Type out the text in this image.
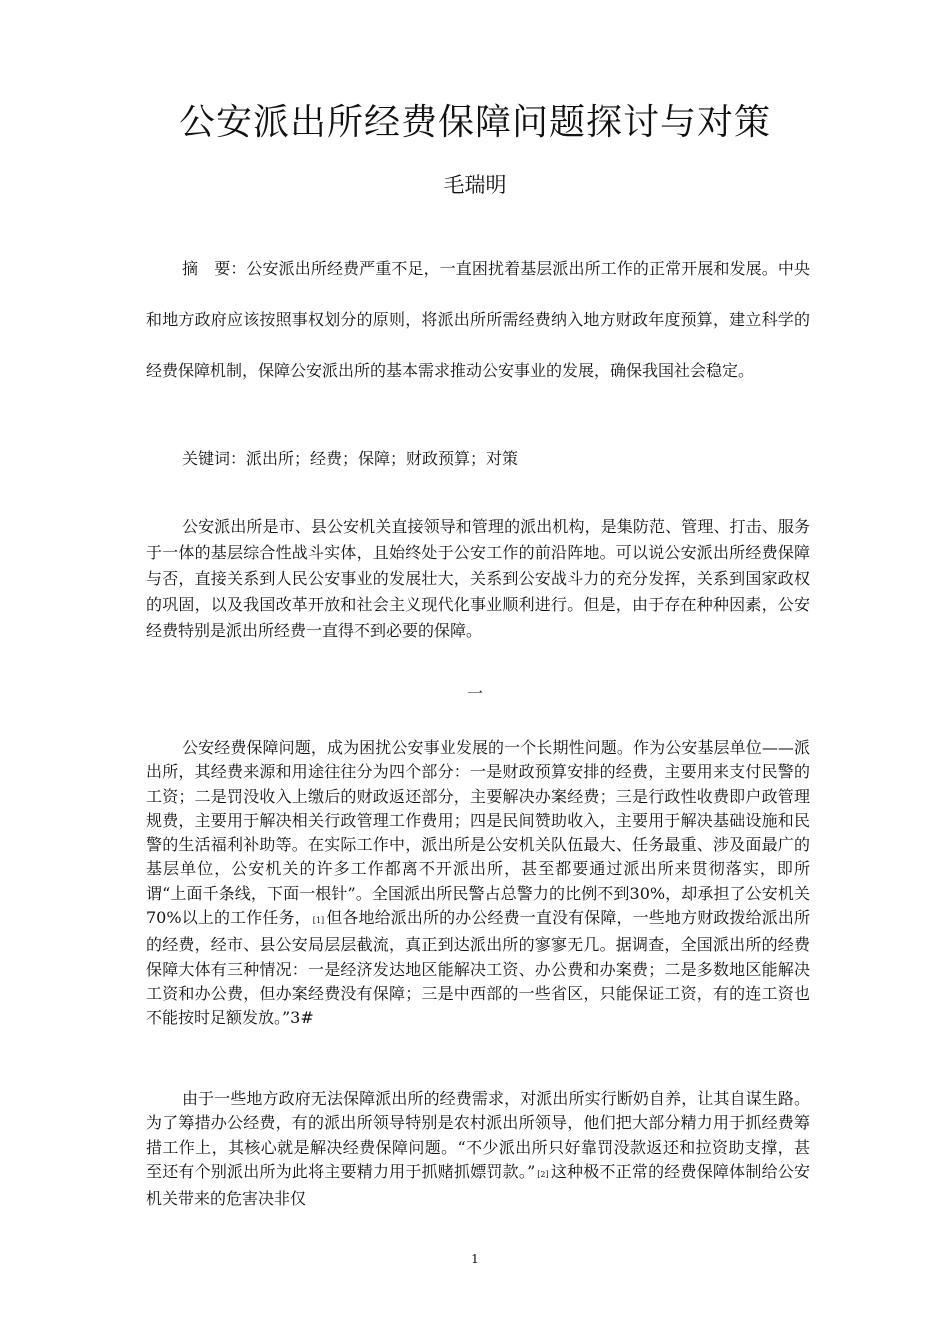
公安派出所经费保障问题探讨与对策
毛瑞明

摘　要：公安派出所经费严重不足，一直困扰着基层派出所工作的正常开展和发展。中央和地方政府应该按照事权划分的原则，将派出所所需经费纳入地方财政年度预算，建立科学的经费保障机制，保障公安派出所的基本需求推动公安事业的发展，确保我国社会稳定。

关键词：派出所；经费；保障；财政预算；对策

公安派出所是市、县公安机关直接领导和管理的派出机构，是集防范、管理、打击、服务于一体的基层综合性战斗实体，且始终处于公安工作的前沿阵地。可以说公安派出所经费保障与否，直接关系到人民公安事业的发展壮大，关系到公安战斗力的充分发挥，关系到国家政权的巩固，以及我国改革开放和社会主义现代化事业顺利进行。但是，由于存在种种因素，公安经费特别是派出所经费一直得不到必要的保障。

一

公安经费保障问题，成为困扰公安事业发展的一个长期性问题。作为公安基层单位——派出所，其经费来源和用途往往分为四个部分：一是财政预算安排的经费，主要用来支付民警的工资；二是罚没收入上缴后的财政返还部分，主要解决办案经费；三是行政性收费即户政管理规费，主要用于解决相关行政管理工作费用；四是民间赞助收入，主要用于解决基础设施和民警的生活福利补助等。在实际工作中，派出所是公安机关队伍最大、任务最重、涉及面最广的基层单位，公安机关的许多工作都离不开派出所，甚至都要通过派出所来贯彻落实，即所谓“上面千条线，下面一根针”。全国派出所民警占总警力的比例不到30%，却承担了公安机关70%以上的工作任务， [1] 但各地给派出所的办公经费一直没有保障，一些地方财政拨给派出所的经费，经市、县公安局层层截流，真正到达派出所的寥寥无几。据调查，全国派出所的经费保障大体有三种情况：一是经济发达地区能解决工资、办公费和办案费；二是多数地区能解决工资和办公费，但办案经费没有保障；三是中西部的一些省区，只能保证工资，有的连工资也不能按时足额发放。”3#

由于一些地方政府无法保障派出所的经费需求，对派出所实行断奶自养，让其自谋生路。为了筹措办公经费，有的派出所领导特别是农村派出所领导，他们把大部分精力用于抓经费筹措工作上，其核心就是解决经费保障问题。“不少派出所只好靠罚没款返还和拉资助支撑，甚至还有个别派出所为此将主要精力用于抓赌抓嫖罚款。” [2] 这种极不正常的经费保障体制给公安机关带来的危害决非仅

1
